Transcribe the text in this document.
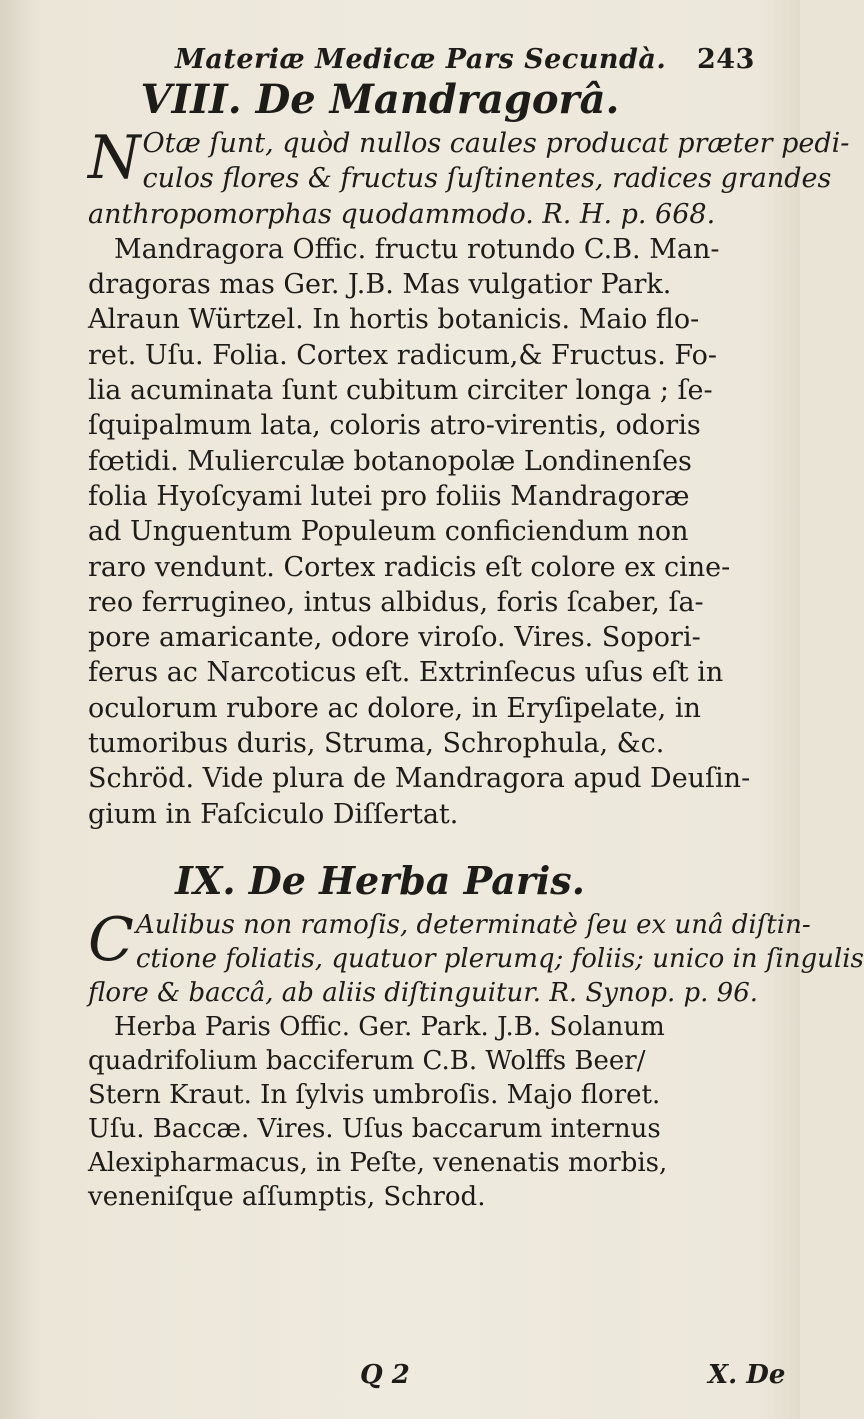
Materiæ Medicæ Pars Secundà. 243
VIII. De Mandragorâ.
N Otæ ſunt, quòd nullos caules producat præter pedi-
culos flores & fructus ſuſtinentes, radices grandes
anthropomorphas quodammodo. R. H. p. 668.
Mandragora Offic. fructu rotundo C.B. Man-
dragoras mas Ger. J.B. Mas vulgatior Park.
Alraun Würtzel. In hortis botanicis. Maio flo-
ret. Uſu. Folia. Cortex radicum,& Fructus. Fo-
lia acuminata ſunt cubitum circiter longa ; ſe-
ſquipalmum lata, coloris atro-virentis, odoris
fœtidi. Mulierculæ botanopolæ Londinenſes
folia Hyoſcyami lutei pro foliis Mandragoræ
ad Unguentum Populeum conficiendum non
raro vendunt. Cortex radicis eſt colore ex cine-
reo ferrugineo, intus albidus, foris ſcaber, ſa-
pore amaricante, odore viroſo. Vires. Sopori-
ferus ac Narcoticus eſt. Extrinſecus uſus eſt in
oculorum rubore ac dolore, in Eryſipelate, in
tumoribus duris, Struma, Schrophula, &c.
Schröd. Vide plura de Mandragora apud Deuſin-
gium in Faſciculo Diſſertat.
IX. De Herba Paris.
C Aulibus non ramoſis, determinatè ſeu ex unâ diſtin-
ctione foliatis, quatuor plerumq; foliis; unico in ſingulis
flore & baccâ, ab aliis diſtinguitur. R. Synop. p. 96.
Herba Paris Offic. Ger. Park. J.B. Solanum
quadrifolium bacciferum C.B. Wolffs Beer/
Stern Kraut. In ſylvis umbroſis. Majo floret.
Uſu. Baccæ. Vires. Uſus baccarum internus
Alexipharmacus, in Peſte, venenatis morbis,
veneniſque aſſumptis, Schrod.
Q 2	X. De
